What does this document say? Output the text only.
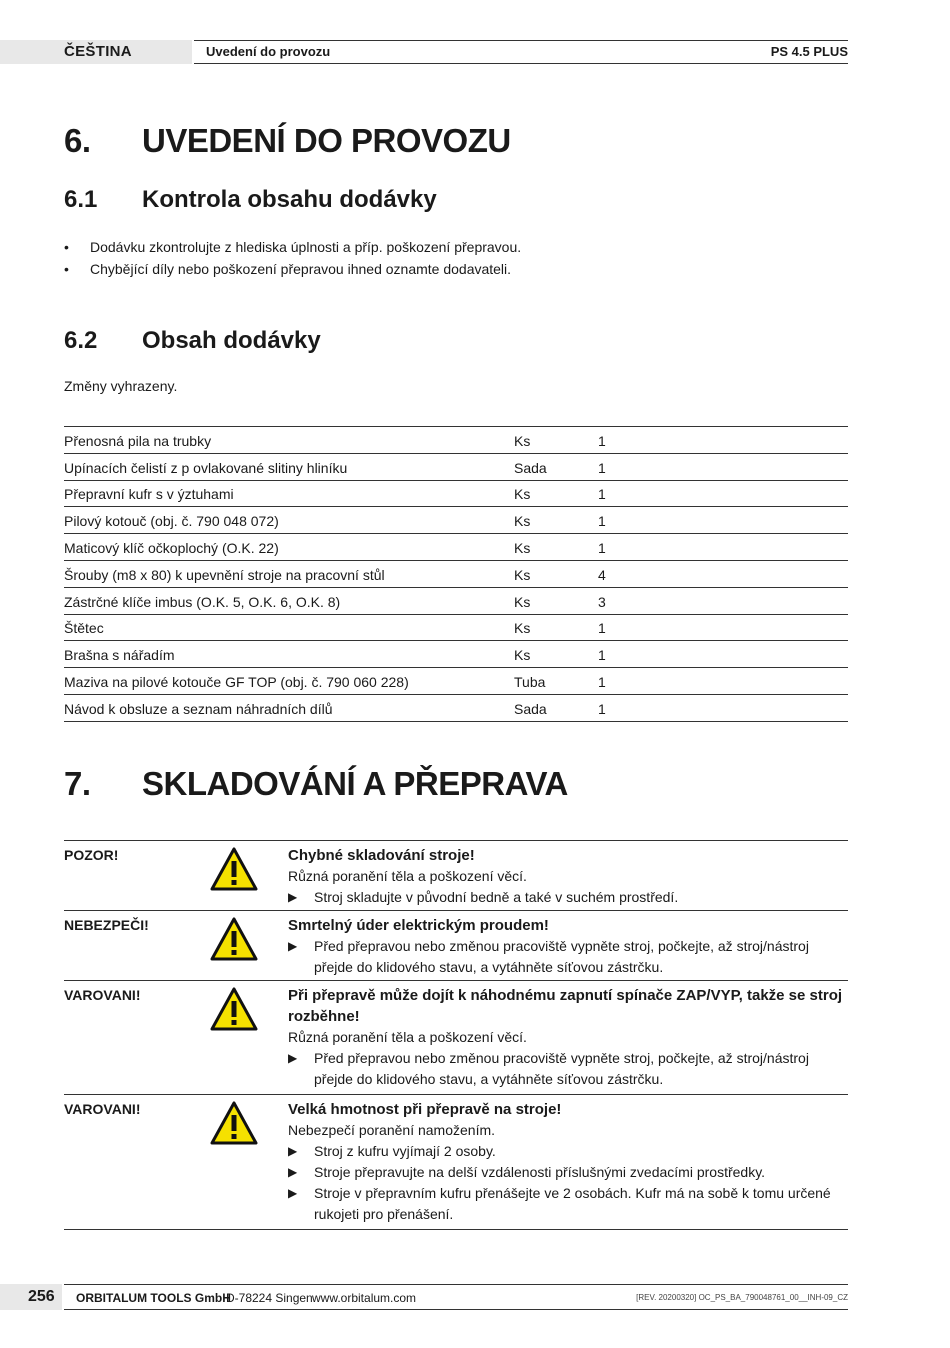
ČEŠTINA	Uvedení do provozu	PS 4.5 PLUS
6. UVEDENÍ DO PROVOZU
6.1 Kontrola obsahu dodávky
• Dodávku zkontrolujte z hlediska úplnosti a příp. poškození přepravou.
• Chybějící díly nebo poškození přepravou ihned oznamte dodavateli.
6.2 Obsah dodávky
Změny vyhrazeny.
Přenosná pila na trubky	Ks	1
Upínacích čelistí z p ovlakované slitiny hliníku	Sada	1
Přepravní kufr s v ýztuhami	Ks	1
Pilový kotouč (obj. č. 790 048 072)	Ks	1
Maticový klíč očkoplochý (O.K. 22)	Ks	1
Šrouby (m8 x 80) k upevnění stroje na pracovní stůl	Ks	4
Zástrčné klíče imbus (O.K. 5, O.K. 6, O.K. 8)	Ks	3
Štětec	Ks	1
Brašna s nářadím	Ks	1
Maziva na pilové kotouče GF TOP (obj. č. 790 060 228)	Tuba	1
Návod k obsluze a seznam náhradních dílů	Sada	1
7. SKLADOVÁNÍ A PŘEPRAVA
POZOR!	Chybné skladování stroje!
Různá poranění těla a poškození věcí.
▶ Stroj skladujte v původní bedně a také v suchém prostředí.
NEBEZPEČI!	Smrtelný úder elektrickým proudem!
▶ Před přepravou nebo změnou pracoviště vypněte stroj, počkejte, až stroj/nástroj přejde do klidového stavu, a vytáhněte síťovou zástrčku.
VAROVANI!	Při přepravě může dojít k náhodnému zapnutí spínače ZAP/VYP, takže se stroj rozběhne!
Různá poranění těla a poškození věcí.
▶ Před přepravou nebo změnou pracoviště vypněte stroj, počkejte, až stroj/nástroj přejde do klidového stavu, a vytáhněte síťovou zástrčku.
VAROVANI!	Velká hmotnost při přepravě na stroje!
Nebezpečí poranění namožením.
▶ Stroj z kufru vyjímají 2 osoby.
▶ Stroje přepravujte na delší vzdálenosti příslušnými zvedacími prostředky.
▶ Stroje v přepravním kufru přenášejte ve 2 osobách. Kufr má na sobě k tomu určené rukojeti pro přenášení.
256 ORBITALUM TOOLS GmbH
D-78224 Singen www.orbitalum.com	[REV. 20200320] OC_PS_BA_790048761_00__INH-09_CZ
